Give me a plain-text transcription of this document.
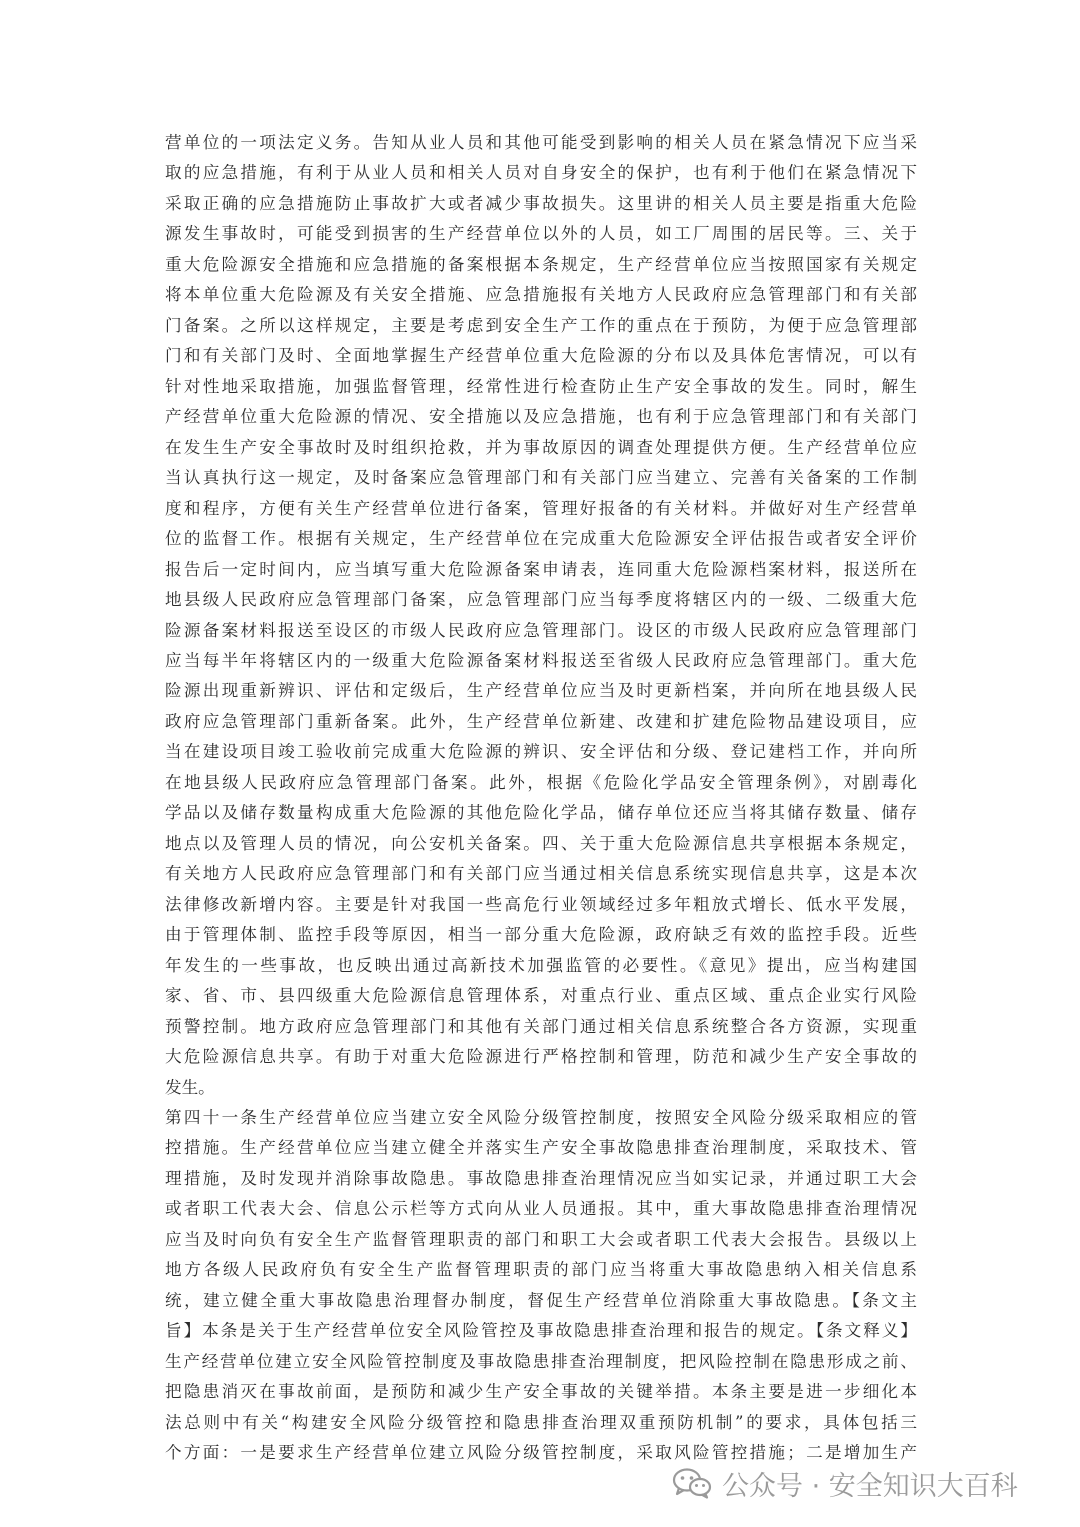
营单位的一项法定义务。告知从业人员和其他可能受到影响的相关人员在紧急情况下应当采
取的应急措施，有利于从业人员和相关人员对自身安全的保护，也有利于他们在紧急情况下
采取正确的应急措施防止事故扩大或者减少事故损失。这里讲的相关人员主要是指重大危险
源发生事故时，可能受到损害的生产经营单位以外的人员，如工厂周围的居民等。三、关于
重大危险源安全措施和应急措施的备案根据本条规定，生产经营单位应当按照国家有关规定
将本单位重大危险源及有关安全措施、应急措施报有关地方人民政府应急管理部门和有关部
门备案。之所以这样规定，主要是考虑到安全生产工作的重点在于预防，为便于应急管理部
门和有关部门及时、全面地掌握生产经营单位重大危险源的分布以及具体危害情况，可以有
针对性地采取措施，加强监督管理，经常性进行检查防止生产安全事故的发生。同时，解生
产经营单位重大危险源的情况、安全措施以及应急措施，也有利于应急管理部门和有关部门
在发生生产安全事故时及时组织抢救，并为事故原因的调查处理提供方便。生产经营单位应
当认真执行这一规定，及时备案应急管理部门和有关部门应当建立、完善有关备案的工作制
度和程序，方便有关生产经营单位进行备案，管理好报备的有关材料。并做好对生产经营单
位的监督工作。根据有关规定，生产经营单位在完成重大危险源安全评估报告或者安全评价
报告后一定时间内，应当填写重大危险源备案申请表，连同重大危险源档案材料，报送所在
地县级人民政府应急管理部门备案，应急管理部门应当每季度将辖区内的一级、二级重大危
险源备案材料报送至设区的市级人民政府应急管理部门。设区的市级人民政府应急管理部门
应当每半年将辖区内的一级重大危险源备案材料报送至省级人民政府应急管理部门。重大危
险源出现重新辨识、评估和定级后，生产经营单位应当及时更新档案，并向所在地县级人民
政府应急管理部门重新备案。此外，生产经营单位新建、改建和扩建危险物品建设项目，应
当在建设项目竣工验收前完成重大危险源的辨识、安全评估和分级、登记建档工作，并向所
在地县级人民政府应急管理部门备案。此外，根据《危险化学品安全管理条例》，对剧毒化
学品以及储存数量构成重大危险源的其他危险化学品，储存单位还应当将其储存数量、储存
地点以及管理人员的情况，向公安机关备案。四、关于重大危险源信息共享根据本条规定，
有关地方人民政府应急管理部门和有关部门应当通过相关信息系统实现信息共享，这是本次
法律修改新增内容。主要是针对我国一些高危行业领域经过多年粗放式增长、低水平发展，
由于管理体制、监控手段等原因，相当一部分重大危险源，政府缺乏有效的监控手段。近些
年发生的一些事故，也反映出通过高新技术加强监管的必要性。《意见》提出，应当构建国
家、省、市、县四级重大危险源信息管理体系，对重点行业、重点区域、重点企业实行风险
预警控制。地方政府应急管理部门和其他有关部门通过相关信息系统整合各方资源，实现重
大危险源信息共享。有助于对重大危险源进行严格控制和管理，防范和减少生产安全事故的
发生。
第四十一条生产经营单位应当建立安全风险分级管控制度，按照安全风险分级采取相应的管
控措施。生产经营单位应当建立健全并落实生产安全事故隐患排查治理制度，采取技术、管
理措施，及时发现并消除事故隐患。事故隐患排查治理情况应当如实记录，并通过职工大会
或者职工代表大会、信息公示栏等方式向从业人员通报。其中，重大事故隐患排查治理情况
应当及时向负有安全生产监督管理职责的部门和职工大会或者职工代表大会报告。县级以上
地方各级人民政府负有安全生产监督管理职责的部门应当将重大事故隐患纳入相关信息系
统，建立健全重大事故隐患治理督办制度，督促生产经营单位消除重大事故隐患。【条文主
旨】本条是关于生产经营单位安全风险管控及事故隐患排查治理和报告的规定。【条文释义】
生产经营单位建立安全风险管控制度及事故隐患排查治理制度，把风险控制在隐患形成之前、
把隐患消灭在事故前面，是预防和减少生产安全事故的关键举措。本条主要是进一步细化本
法总则中有关“构建安全风险分级管控和隐患排查治理双重预防机制”的要求，具体包括三
个方面：一是要求生产经营单位建立风险分级管控制度，采取风险管控措施；二是增加生产
公众号 · 安全知识大百科
